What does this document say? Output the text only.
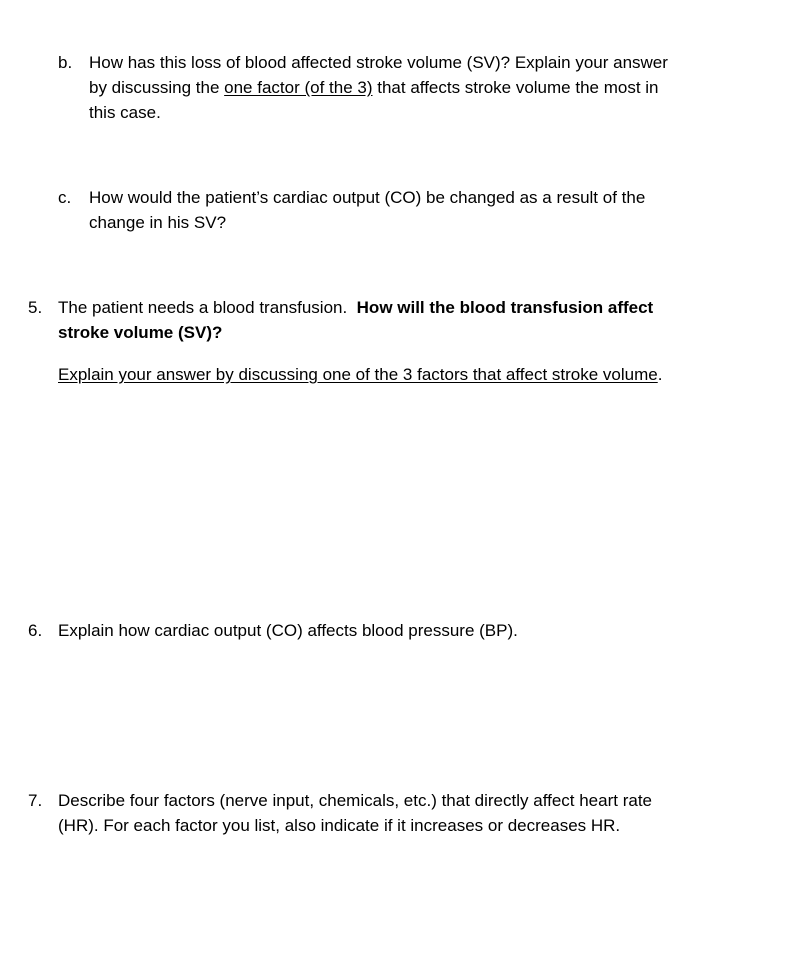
b. How has this loss of blood affected stroke volume (SV)? Explain your answer
by discussing the one factor (of the 3) that affects stroke volume the most in
this case.
c. How would the patient’s cardiac output (CO) be changed as a result of the
change in his SV?
5. The patient needs a blood transfusion.  How will the blood transfusion affect
stroke volume (SV)?
Explain your answer by discussing one of the 3 factors that affect stroke volume.
6. Explain how cardiac output (CO) affects blood pressure (BP).
7. Describe four factors (nerve input, chemicals, etc.) that directly affect heart rate
(HR). For each factor you list, also indicate if it increases or decreases HR.
